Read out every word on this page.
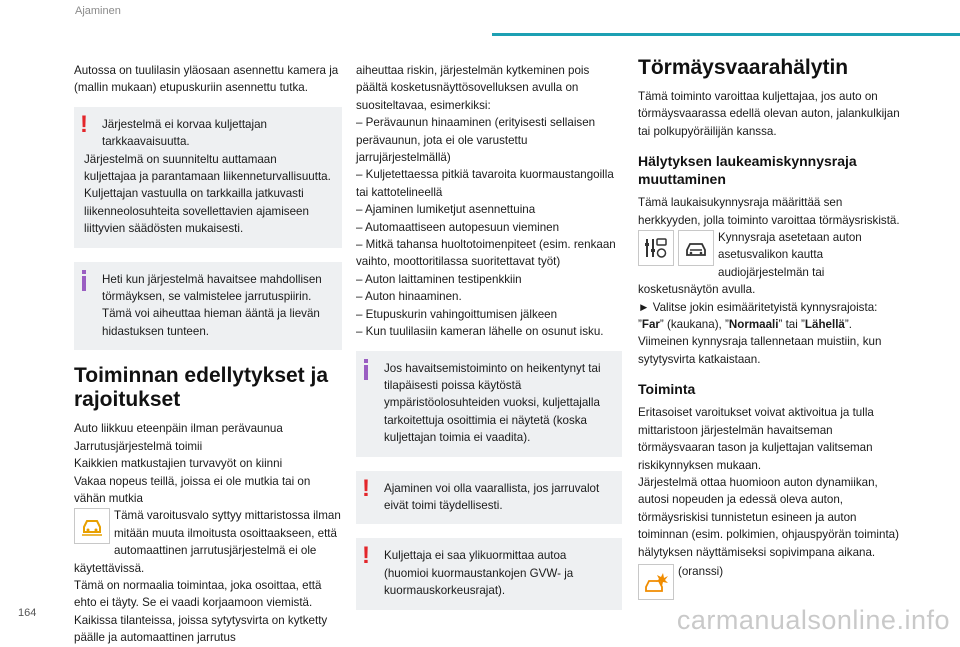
Ajaminen

Autossa on tuulilasin yläosaan asennettu kamera ja (mallin mukaan) etupuskuriin asennettu tutka.

!	Järjestelmä ei korvaa kuljettajan tarkkaavaisuutta.

Järjestelmä on suunniteltu auttamaan kuljettajaa ja parantamaan liikenneturvallisuutta.

Kuljettajan vastuulla on tarkkailla jatkuvasti liikenneolosuhteita sovellettavien ajamiseen liittyvien säädösten mukaisesti.

Heti kun järjestelmä havaitsee mahdollisen törmäyksen, se valmistelee jarrutuspiirin. Tämä voi aiheuttaa hieman ääntä ja lievän hidastuksen tunteen.
Toiminnan edellytykset ja rajoitukset

Auto liikkuu eteenpäin ilman perävaunua

Jarrutusjärjestelmä toimii

Kaikkien matkustajien turvavyöt on kiinni

Vakaa nopeus teillä, joissa ei ole mutkia tai on vähän mutkia

Tämä varoitusvalo syttyy mittaristossa ilman mitään muuta ilmoitusta osoittaakseen, että automaattinen jarrutusjärjestelmä ei ole käytettävissä.

Tämä on normaalia toimintaa, joka osoittaa, että ehto ei täyty. Se ei vaadi korjaamoon viemistä.

Kaikissa tilanteissa, joissa sytytysvirta on kytketty päälle ja automaattinen jarrutus

aiheuttaa riskin, järjestelmän kytkeminen pois päältä kosketusnäyttösovelluksen avulla on suositeltavaa, esimerkiksi:

– Perävaunun hinaaminen (erityisesti sellaisen perävaunun, jota ei ole varustettu jarrujärjestelmällä)

– Kuljetettaessa pitkiä tavaroita kuormaustangoilla tai kattotelineellä

– Ajaminen lumiketjut asennettuina

– Automaattiseen autopesuun vieminen

– Mitkä tahansa huoltotoimenpiteet (esim. renkaan vaihto, moottoritilassa suoritettavat työt)

– Auton laittaminen testipenkkiin

– Auton hinaaminen.

– Etupuskurin vahingoittumisen jälkeen

– Kun tuulilasiin kameran lähelle on osunut isku.

Jos havaitsemistoiminto on heikentynyt tai tilapäisesti poissa käytöstä ympäristöolosuhteiden vuoksi, kuljettajalla tarkoitettuja osoittimia ei näytetä (koska kuljettajan toimia ei vaadita).
!	Ajaminen voi olla vaarallista, jos jarruvalot eivät toimi täydellisesti.
!	Kuljettaja ei saa ylikuormittaa autoa (huomioi kuormaustankojen GVW- ja kuormauskorkeusrajat).
Törmäysvaarahälytin

Tämä toiminto varoittaa kuljettajaa, jos auto on törmäysvaarassa edellä olevan auton, jalankulkijan tai polkupyöräilijän kanssa.

Hälytyksen laukeamiskynnysraja muuttaminen

Tämä laukaisukynnysraja määrittää sen herkkyyden, jolla toiminto varoittaa törmäysriskistä.

Kynnysraja asetetaan auton asetusvalikon kautta audiojärjestelmän tai kosketusnäytön avulla.

► Valitse jokin esimääritetyistä kynnysrajoista: ”Far” (kaukana), ”Normaali” tai ”Lähellä”.

Viimeinen kynnysraja tallennetaan muistiin, kun sytytysvirta katkaistaan.

Toiminta

Eritasoiset varoitukset voivat aktivoitua ja tulla mittaristoon järjestelmän havaitseman törmäysvaaran tason ja kuljettajan valitseman riskikynnyksen mukaan.

Järjestelmä ottaa huomioon auton dynamiikan, autosi nopeuden ja edessä oleva auton, törmäysriskisi tunnistetun esineen ja auton toiminnan (esim. polkimien, ohjauspyörän toiminta) hälytyksen näyttämiseksi sopivimpana aikana.

(oranssi)
164	carmanualsonline.info
